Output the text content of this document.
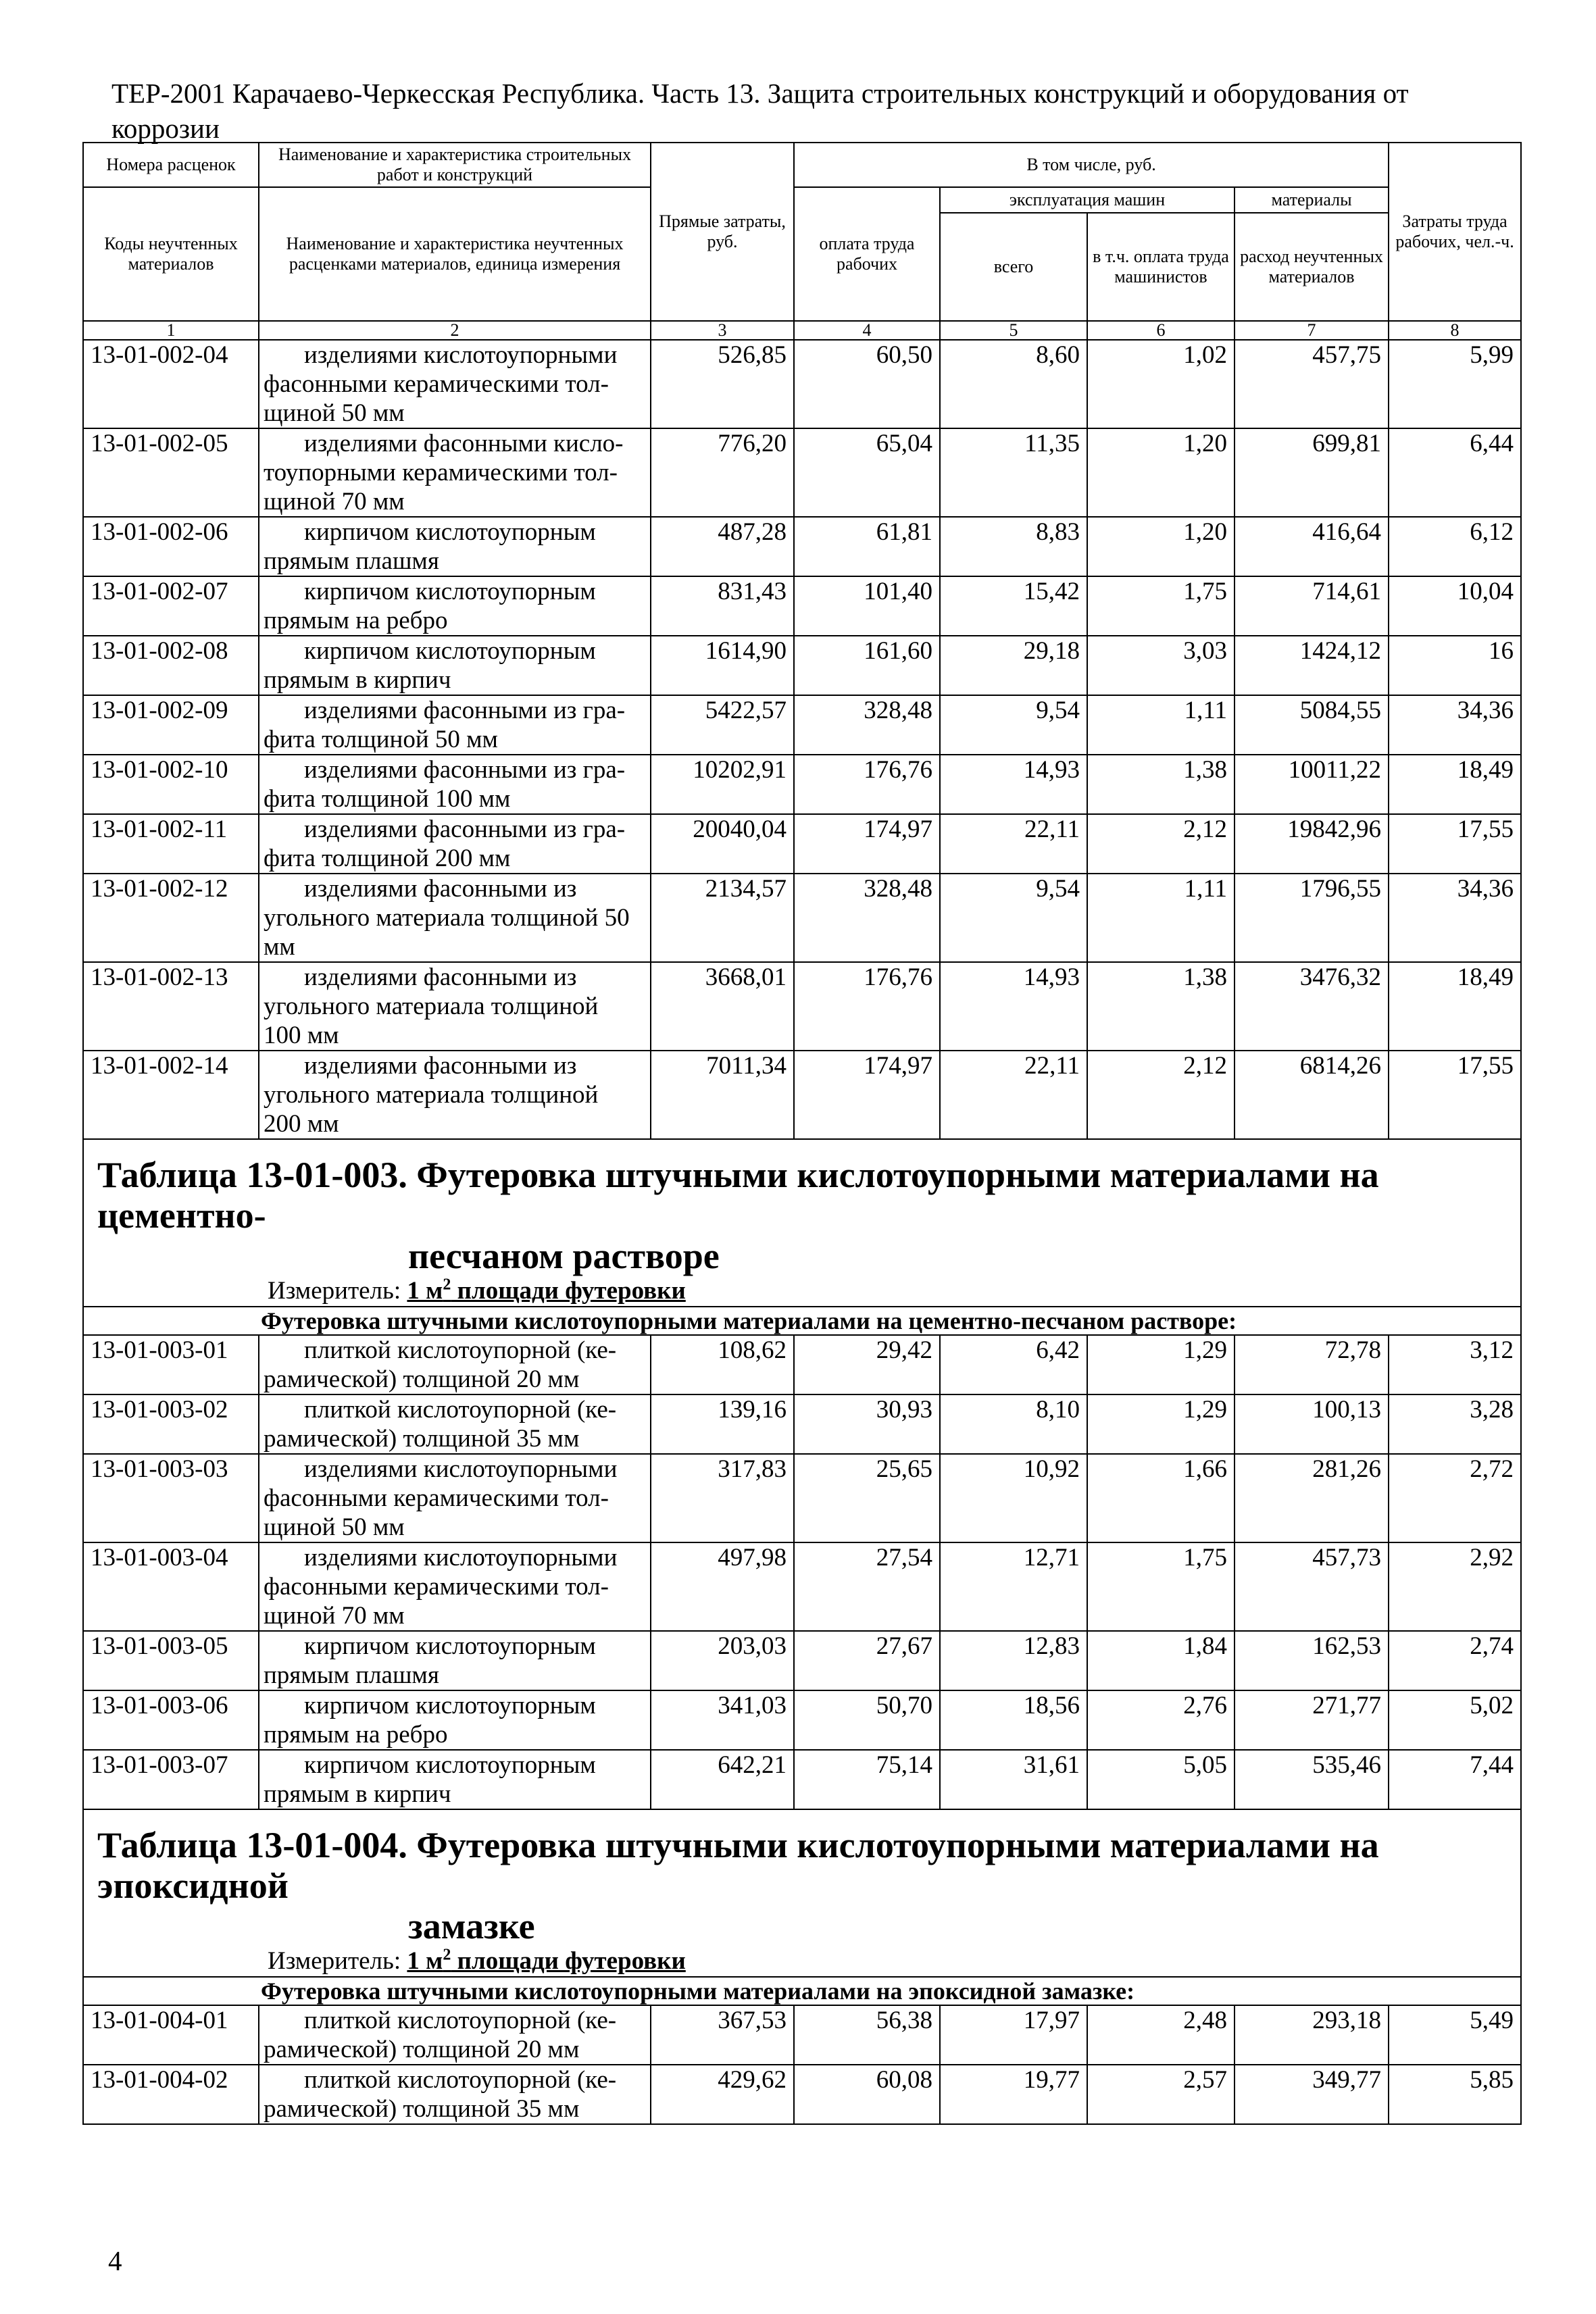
ТЕР-2001 Карачаево-Черкесская Республика. Часть 13. Защита строительных конструкций и оборудования от коррозии
Номера расценок	Наименование и характеристика строительных работ и конструкций	Прямые затраты, руб.	В том числе, руб.				Затраты труда рабочих, чел.-ч.
Коды неучтенных материалов	Наименование и характеристика неучтенных расценками материалов, единица измерения		оплата труда рабочих	эксплуатация машин		материалы	
				всего	в т.ч. оплата труда машинистов	расход неучтенных материалов	
1	2	3	4	5	6	7	8
13-01-002-04	изделиями кислотоупорными
фасонными керамическими тол-
щиной 50 мм	526,85	60,50	8,60	1,02	457,75	5,99
13-01-002-05	изделиями фасонными кисло-
тоупорными керамическими тол-
щиной 70 мм	776,20	65,04	11,35	1,20	699,81	6,44
13-01-002-06	кирпичом кислотоупорным
прямым плашмя	487,28	61,81	8,83	1,20	416,64	6,12
13-01-002-07	кирпичом кислотоупорным
прямым на ребро	831,43	101,40	15,42	1,75	714,61	10,04
13-01-002-08	кирпичом кислотоупорным
прямым в кирпич	1614,90	161,60	29,18	3,03	1424,12	16
13-01-002-09	изделиями фасонными из гра-
фита толщиной 50 мм	5422,57	328,48	9,54	1,11	5084,55	34,36
13-01-002-10	изделиями фасонными из гра-
фита толщиной 100 мм	10202,91	176,76	14,93	1,38	10011,22	18,49
13-01-002-11	изделиями фасонными из гра-
фита толщиной 200 мм	20040,04	174,97	22,11	2,12	19842,96	17,55
13-01-002-12	изделиями фасонными из
угольного материала толщиной 50
мм	2134,57	328,48	9,54	1,11	1796,55	34,36
13-01-002-13	изделиями фасонными из
угольного материала толщиной
100 мм	3668,01	176,76	14,93	1,38	3476,32	18,49
13-01-002-14	изделиями фасонными из
угольного материала толщиной
200 мм	7011,34	174,97	22,11	2,12	6814,26	17,55

Таблица 13-01-003. Футеровка штучными кислотоупорными материалами на цементно-
песчаном растворе
Измеритель: 1 $м^2$ площади футеровки							

Футеровка штучными кислотоупорными материалами на цементно-песчаном растворе:							
13-01-003-01	плиткой кислотоупорной (ке-
рамической) толщиной 20 мм	108,62	29,42	6,42	1,29	72,78	3,12
13-01-003-02	плиткой кислотоупорной (ке-
рамической) толщиной 35 мм	139,16	30,93	8,10	1,29	100,13	3,28
13-01-003-03	изделиями кислотоупорными
фасонными керамическими тол-
щиной 50 мм	317,83	25,65	10,92	1,66	281,26	2,72
13-01-003-04	изделиями кислотоупорными
фасонными керамическими тол-
щиной 70 мм	497,98	27,54	12,71	1,75	457,73	2,92
13-01-003-05	кирпичом кислотоупорным
прямым плашмя	203,03	27,67	12,83	1,84	162,53	2,74
13-01-003-06	кирпичом кислотоупорным
прямым на ребро	341,03	50,70	18,56	2,76	271,77	5,02
13-01-003-07	кирпичом кислотоупорным
прямым в кирпич	642,21	75,14	31,61	5,05	535,46	7,44

Таблица 13-01-004. Футеровка штучными кислотоупорными материалами на эпоксидной
замазке
Измеритель: 1 $м^2$ площади футеровки							

Футеровка штучными кислотоупорными материалами на эпоксидной замазке:							
13-01-004-01	плиткой кислотоупорной (ке-
рамической) толщиной 20 мм	367,53	56,38	17,97	2,48	293,18	5,49
13-01-004-02	плиткой кислотоупорной (ке-
рамической) толщиной 35 мм	429,62	60,08	19,77	2,57	349,77	5,85
4
